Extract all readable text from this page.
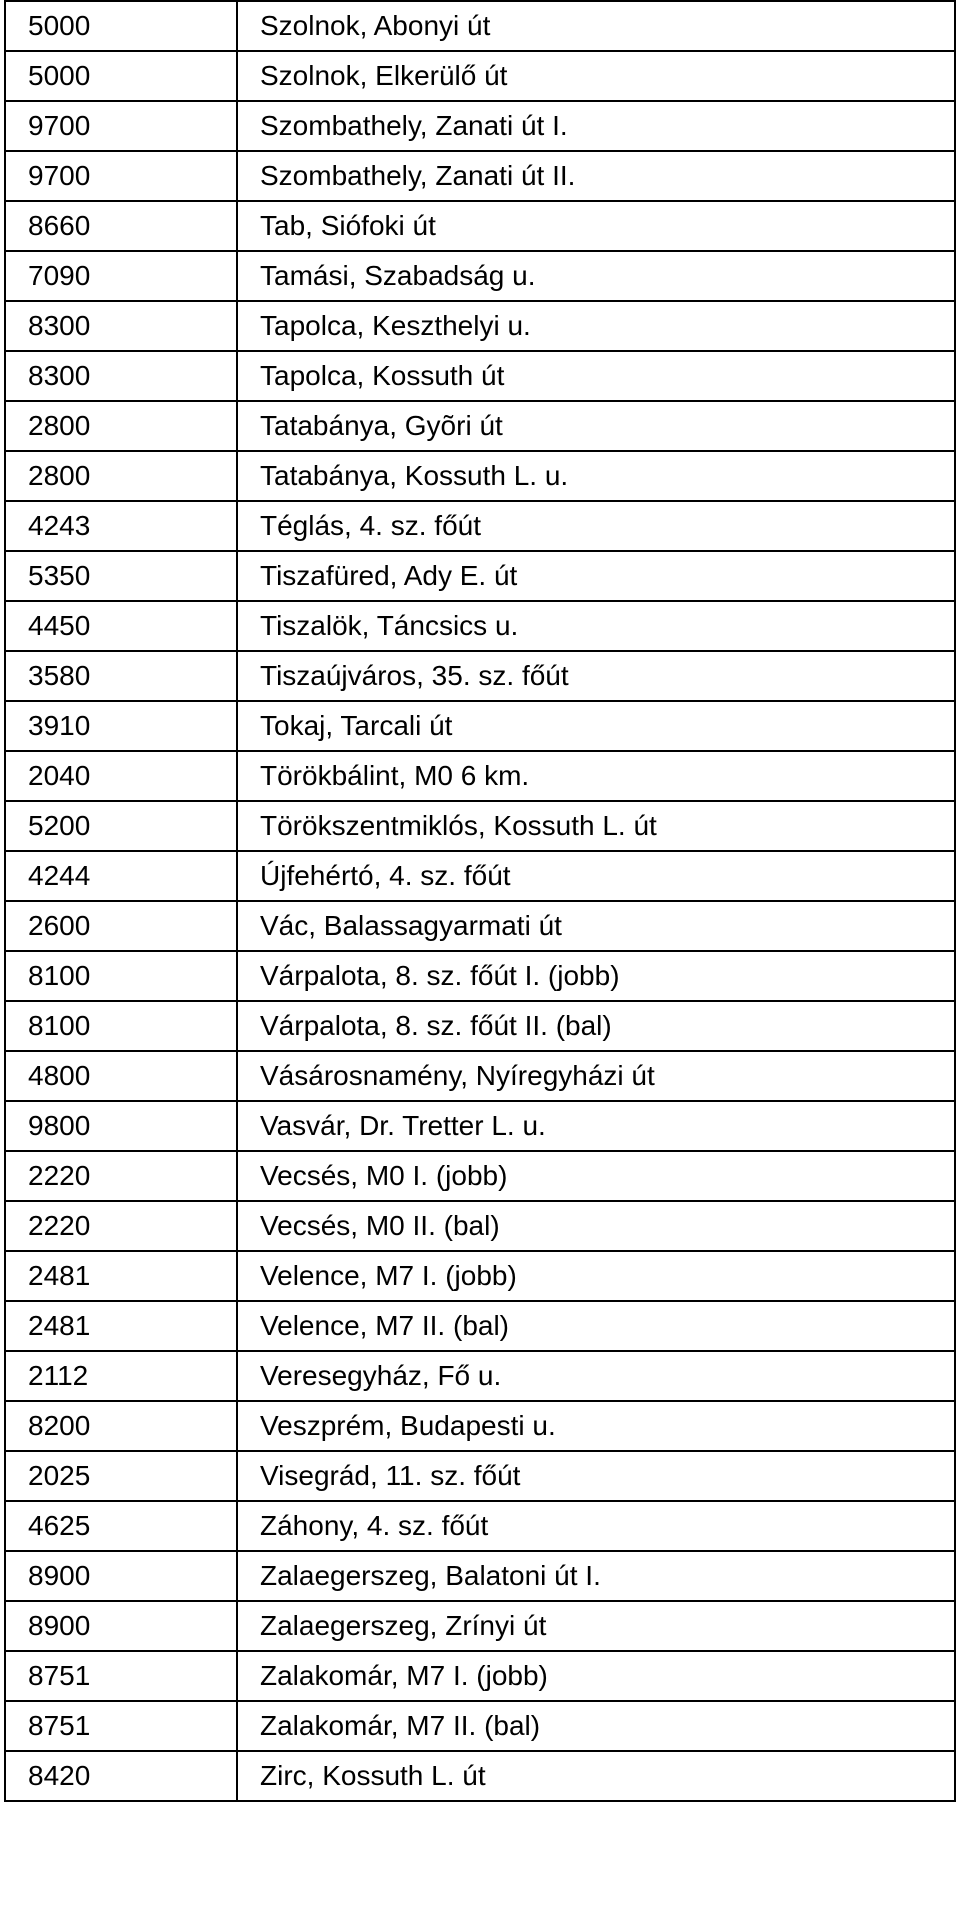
5000	Szolnok, Abonyi út
5000	Szolnok, Elkerülő út
9700	Szombathely, Zanati út I.
9700	Szombathely, Zanati út II.
8660	Tab, Siófoki út
7090	Tamási, Szabadság u.
8300	Tapolca, Keszthelyi u.
8300	Tapolca, Kossuth út
2800	Tatabánya, Gyõri út
2800	Tatabánya, Kossuth L. u.
4243	Téglás, 4. sz. főút
5350	Tiszafüred, Ady E. út
4450	Tiszalök, Táncsics u.
3580	Tiszaújváros, 35. sz. főút
3910	Tokaj, Tarcali út
2040	Törökbálint, M0 6 km.
5200	Törökszentmiklós, Kossuth L. út
4244	Újfehértó, 4. sz. főút
2600	Vác, Balassagyarmati út
8100	Várpalota, 8. sz. főút I. (jobb)
8100	Várpalota, 8. sz. főút II. (bal)
4800	Vásárosnamény, Nyíregyházi út
9800	Vasvár, Dr. Tretter L. u.
2220	Vecsés, M0 I. (jobb)
2220	Vecsés, M0 II. (bal)
2481	Velence, M7 I. (jobb)
2481	Velence, M7 II. (bal)
2112	Veresegyház, Fő u.
8200	Veszprém, Budapesti u.
2025	Visegrád, 11. sz. főút
4625	Záhony, 4. sz. főút
8900	Zalaegerszeg, Balatoni út I.
8900	Zalaegerszeg, Zrínyi út
8751	Zalakomár, M7 I. (jobb)
8751	Zalakomár, M7 II. (bal)
8420	Zirc, Kossuth L. út
